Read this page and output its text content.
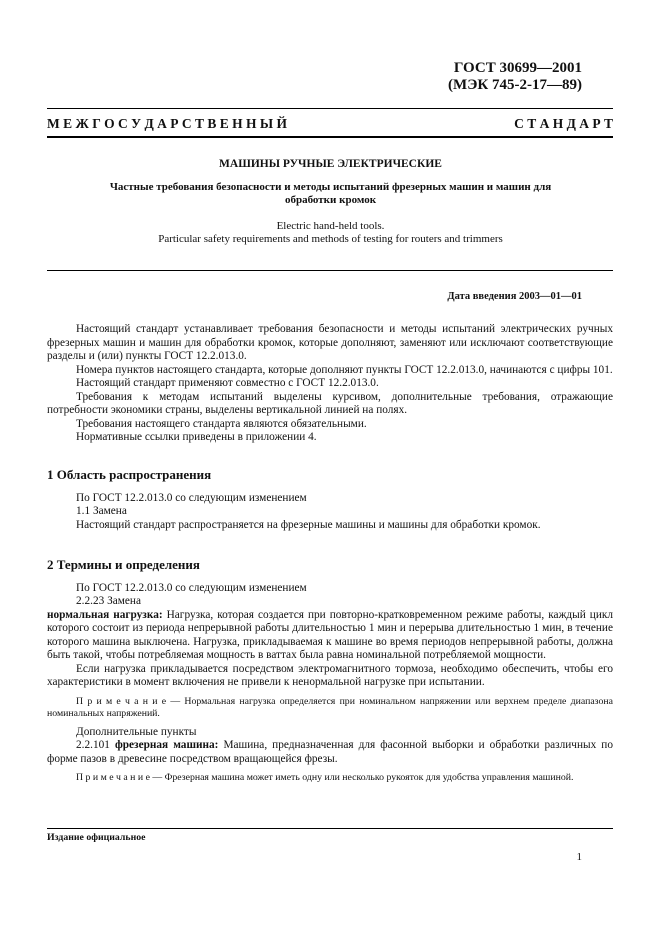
ГОСТ 30699—2001
(МЭК 745-2-17—89)
М Е Ж Г О С У Д А Р С Т В Е Н Н Ы Й	С Т А Н Д А Р Т
МАШИНЫ РУЧНЫЕ ЭЛЕКТРИЧЕСКИЕ
Частные требования безопасности и методы испытаний фрезерных машин и машин для обработки кромок
Electric hand-held tools.
Particular safety requirements and methods of testing for routers and trimmers
Дата введения 2003—01—01

Настоящий стандарт устанавливает требования безопасности и методы испытаний электрических ручных фрезерных машин и машин для обработки кромок, которые дополняют, заменяют или исключают соответствующие разделы и (или) пункты ГОСТ 12.2.013.0.

Номера пунктов настоящего стандарта, которые дополняют пункты ГОСТ 12.2.013.0, начинаются с цифры 101.

Настоящий стандарт применяют совместно с ГОСТ 12.2.013.0.

Требования к методам испытаний выделены курсивом, дополнительные требования, отражающие потребности экономики страны, выделены вертикальной линией на полях.

Требования настоящего стандарта являются обязательными.

Нормативные ссылки приведены в приложении 4.

1 Область распространения

По ГОСТ 12.2.013.0 со следующим изменением

1.1 Замена

Настоящий стандарт распространяется на фрезерные машины и машины для обработки кромок.

2 Термины и определения

По ГОСТ 12.2.013.0 со следующим изменением

2.2.23 Замена

нормальная нагрузка: Нагрузка, которая создается при повторно-кратковременном режиме работы, каждый цикл которого состоит из периода непрерывной работы длительностью 1 мин и перерыва длительностью 1 мин, в течение которого машина выключена. Нагрузка, прикладываемая к машине во время периодов непрерывной работы, должна быть такой, чтобы потребляемая мощность в ваттах была равна номинальной потребляемой мощности.

Если нагрузка прикладывается посредством электромагнитного тормоза, необходимо обеспечить, чтобы его характеристики в момент включения не привели к ненормальной нагрузке при испытании.

П р и м е ч а н и е — Нормальная нагрузка определяется при номинальном напряжении или верхнем пределе диапазона номинальных напряжений.

Дополнительные пункты

2.2.101 фрезерная машина: Машина, предназначенная для фасонной выборки и обработки различных по форме пазов в древесине посредством вращающейся фрезы.

П р и м е ч а н и е — Фрезерная машина может иметь одну или несколько рукояток для удобства управления машиной.

Издание официальное
1
